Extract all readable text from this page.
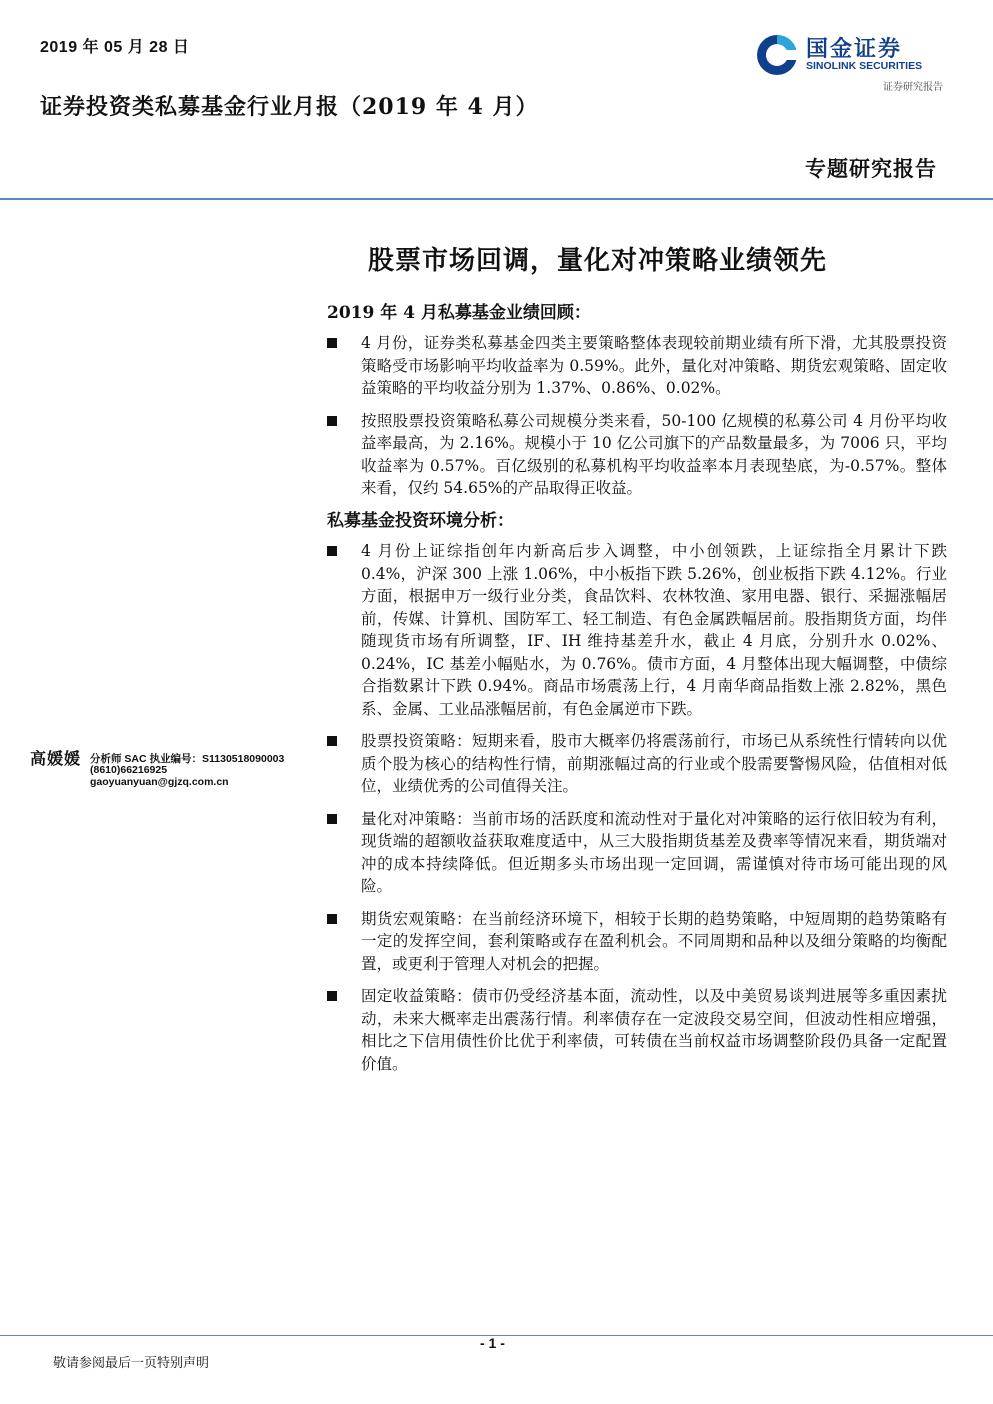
2019 年 05 月 28 日
证券投资类私募基金行业月报（2019 年 4 月）
国金证券
SINOLINK SECURITIES
证券研究报告
专题研究报告
股票市场回调，量化对冲策略业绩领先
2019 年 4 月私募基金业绩回顾：
4 月份，证券类私募基金四类主要策略整体表现较前期业绩有所下滑，尤其股票投资策略受市场影响平均收益率为 0.59%。此外，量化对冲策略、期货宏观策略、固定收益策略的平均收益分别为 1.37%、0.86%、0.02%。
按照股票投资策略私募公司规模分类来看，50-100 亿规模的私募公司 4 月份平均收益率最高，为 2.16%。规模小于 10 亿公司旗下的产品数量最多，为 7006 只，平均收益率为 0.57%。百亿级别的私募机构平均收益率本月表现垫底，为-0.57%。整体来看，仅约 54.65%的产品取得正收益。
私募基金投资环境分析：
4 月份上证综指创年内新高后步入调整，中小创领跌，上证综指全月累计下跌 0.4%，沪深 300 上涨 1.06%，中小板指下跌 5.26%，创业板指下跌 4.12%。行业方面，根据申万一级行业分类，食品饮料、农林牧渔、家用电器、银行、采掘涨幅居前，传媒、计算机、国防军工、轻工制造、有色金属跌幅居前。股指期货方面，均伴随现货市场有所调整，IF、IH 维持基差升水，截止 4 月底，分别升水 0.02%、0.24%，IC 基差小幅贴水，为 0.76%。债市方面，4 月整体出现大幅调整，中债综合指数累计下跌 0.94%。商品市场震荡上行，4 月南华商品指数上涨 2.82%，黑色系、金属、工业品涨幅居前，有色金属逆市下跌。
股票投资策略：短期来看，股市大概率仍将震荡前行，市场已从系统性行情转向以优质个股为核心的结构性行情，前期涨幅过高的行业或个股需要警惕风险，估值相对低位，业绩优秀的公司值得关注。
量化对冲策略：当前市场的活跃度和流动性对于量化对冲策略的运行依旧较为有利，现货端的超额收益获取难度适中，从三大股指期货基差及费率等情况来看，期货端对冲的成本持续降低。但近期多头市场出现一定回调，需谨慎对待市场可能出现的风险。
期货宏观策略：在当前经济环境下，相较于长期的趋势策略，中短周期的趋势策略有一定的发挥空间，套利策略或存在盈利机会。不同周期和品种以及细分策略的均衡配置，或更利于管理人对机会的把握。
固定收益策略：债市仍受经济基本面，流动性，以及中美贸易谈判进展等多重因素扰动，未来大概率走出震荡行情。利率债存在一定波段交易空间，但波动性相应增强，相比之下信用债性价比优于利率债，可转债在当前权益市场调整阶段仍具备一定配置价值。
高媛媛 分析师 SAC 执业编号：S1130518090003
(8610)66216925
gaoyuanyuan@gjzq.com.cn
- 1 -
敬请参阅最后一页特别声明
